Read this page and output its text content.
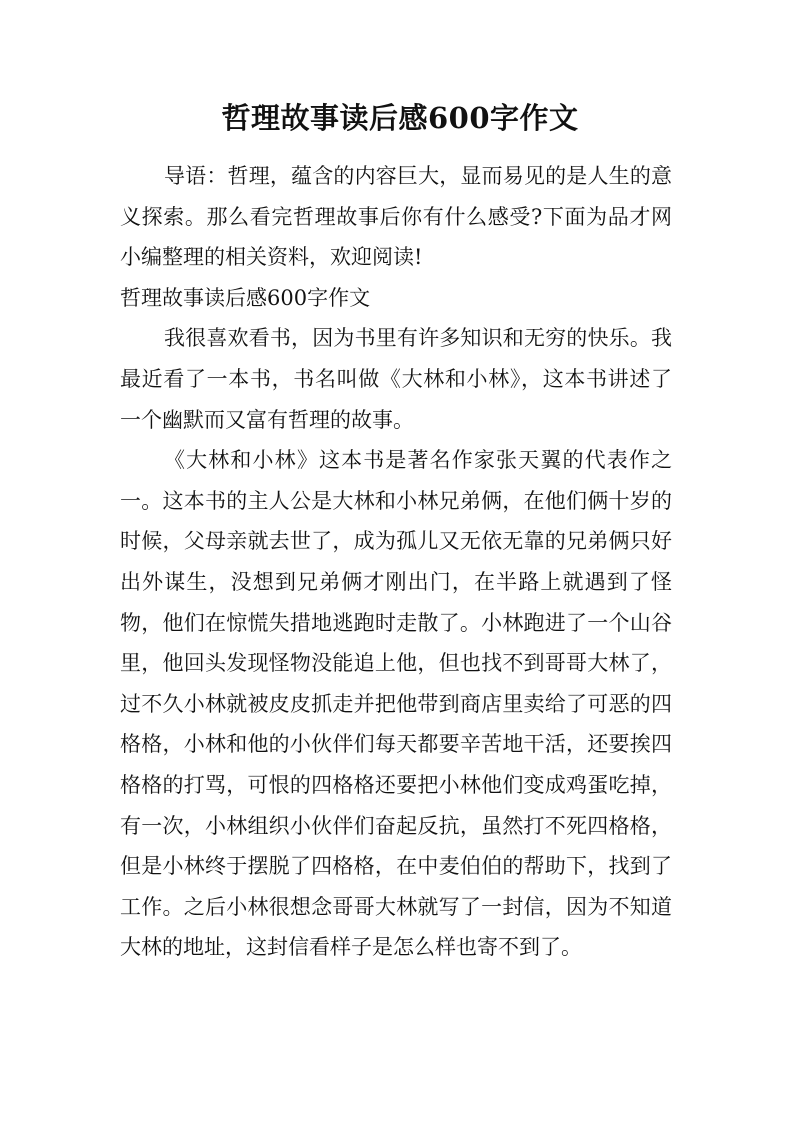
哲理故事读后感600字作文

导语：哲理，蕴含的内容巨大，显而易见的是人生的意义探索。那么看完哲理故事后你有什么感受?下面为品才网小编整理的相关资料，欢迎阅读!

哲理故事读后感600字作文

我很喜欢看书，因为书里有许多知识和无穷的快乐。我最近看了一本书，书名叫做《大林和小林》，这本书讲述了一个幽默而又富有哲理的故事。

《大林和小林》这本书是著名作家张天翼的代表作之一。这本书的主人公是大林和小林兄弟俩，在他们俩十岁的时候，父母亲就去世了，成为孤儿又无依无靠的兄弟俩只好出外谋生，没想到兄弟俩才刚出门，在半路上就遇到了怪物，他们在惊慌失措地逃跑时走散了。小林跑进了一个山谷里，他回头发现怪物没能追上他，但也找不到哥哥大林了，过不久小林就被皮皮抓走并把他带到商店里卖给了可恶的四格格，小林和他的小伙伴们每天都要辛苦地干活，还要挨四格格的打骂，可恨的四格格还要把小林他们变成鸡蛋吃掉，有一次，小林组织小伙伴们奋起反抗，虽然打不死四格格，但是小林终于摆脱了四格格，在中麦伯伯的帮助下，找到了工作。之后小林很想念哥哥大林就写了一封信，因为不知道大林的地址，这封信看样子是怎么样也寄不到了。
